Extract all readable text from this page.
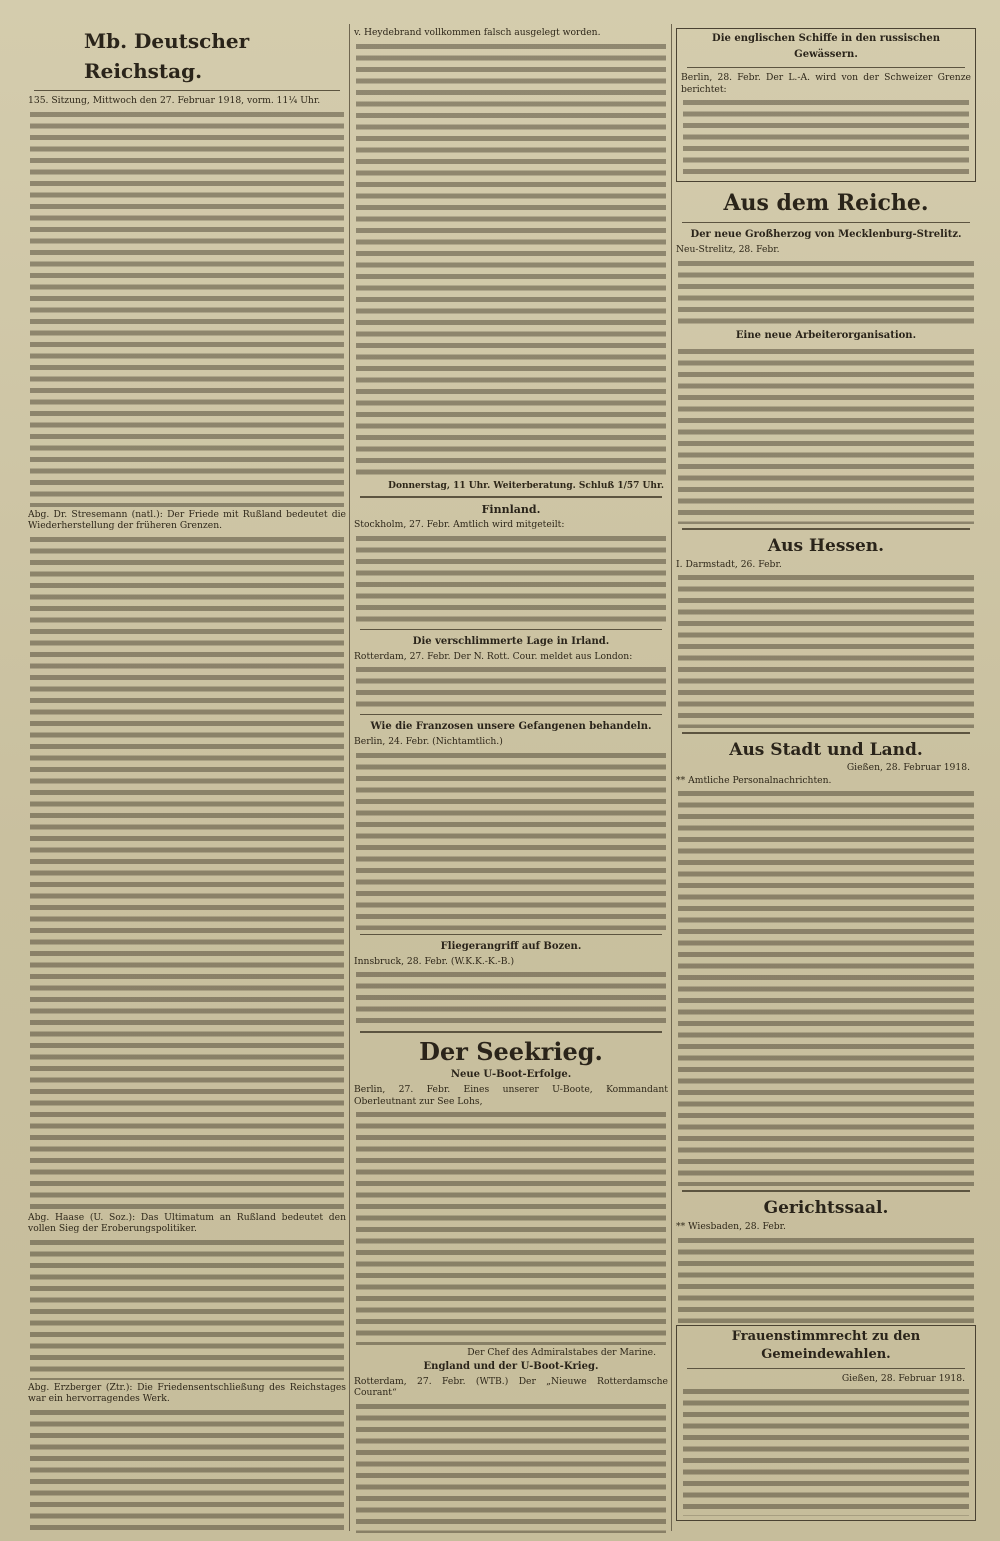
Mb. Deutscher Reichstag.
135. Sitzung, Mittwoch den 27. Februar 1918, vorm. 11¼ Uhr.
Abg. Dr. Stresemann (natl.): Der Friede mit Rußland bedeutet die Wiederherstellung der früheren Grenzen.
Abg. Haase (U. Soz.): Das Ultimatum an Rußland bedeutet den vollen Sieg der Eroberungspolitiker.
Abg. Erzberger (Ztr.): Die Friedensentschließung des Reichstages war ein hervorragendes Werk.
v. Heydebrand vollkommen falsch ausgelegt worden.
Donnerstag, 11 Uhr. Weiterberatung. Schluß 1/57 Uhr.
Finnland.
Stockholm, 27. Febr. Amtlich wird mitgeteilt:
Die verschlimmerte Lage in Irland.
Rotterdam, 27. Febr. Der N. Rott. Cour. meldet aus London:
Wie die Franzosen unsere Gefangenen behandeln.
Berlin, 24. Febr. (Nichtamtlich.)
Fliegerangriff auf Bozen.
Innsbruck, 28. Febr. (W.K.K.-K.-B.)
Der Seekrieg.
Neue U-Boot-Erfolge.
Berlin, 27. Febr. Eines unserer U-Boote, Kommandant Oberleutnant zur See Lohs,
Der Chef des Admiralstabes der Marine.
England und der U-Boot-Krieg.
Rotterdam, 27. Febr. (WTB.) Der „Nieuwe Rotterdamsche Courant“
Die englischen Schiffe in den russischen Gewässern.
Berlin, 28. Febr. Der L.-A. wird von der Schweizer Grenze berichtet:
Aus dem Reiche.
Der neue Großherzog von Mecklenburg-Strelitz.
Neu-Strelitz, 28. Febr.
Eine neue Arbeiterorganisation.
Aus Hessen.
I. Darmstadt, 26. Febr.
Aus Stadt und Land.
Gießen, 28. Februar 1918.
** Amtliche Personalnachrichten.
Gerichtssaal.
** Wiesbaden, 28. Febr.
Frauenstimmrecht zu den Gemeindewahlen.
Gießen, 28. Februar 1918.
